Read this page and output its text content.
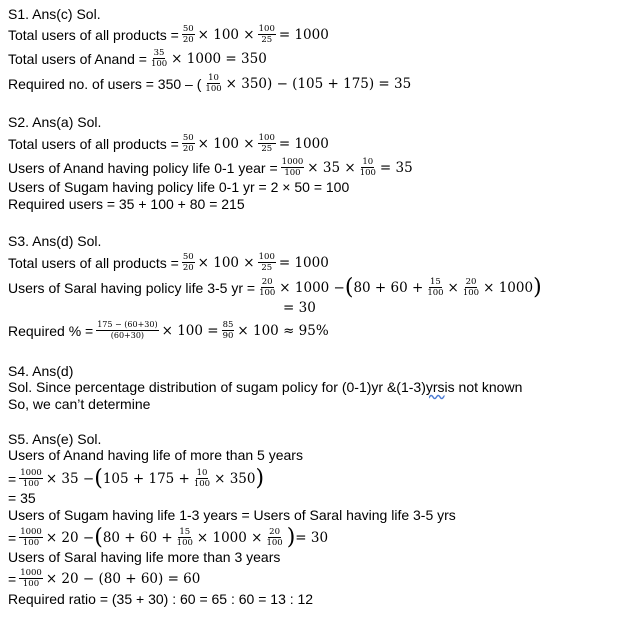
S1. Ans(c) Sol.
Total users of all products = $\frac{50}{20} \times 100 \times \frac{100}{25} = 1000$
Total users of Anand = $\frac{35}{100} \times 1000 = 350$
Required no. of users = 350 – ( $\frac{10}{100} \times 350) - (105 + 175) = 35$
S2. Ans(a) Sol.
Total users of all products = $\frac{50}{20} \times 100 \times \frac{100}{25} = 1000$
Users of Anand having policy life 0-1 year = $\frac{1000}{100} \times 35 \times \frac{10}{100} = 35$
Users of Sugam having policy life 0-1 yr = 2 × 50 = 100
Required users = 35 + 100 + 80 = 215
S3. Ans(d) Sol.
Total users of all products = $\frac{50}{20} \times 100 \times \frac{100}{25} = 1000$
Users of Saral having policy life 3-5 yr = $\frac{20}{100} \times 1000$ − ( $80 + 60 + \frac{15}{100} \times \frac{20}{100} \times 1000$ )
= 30
Required % = $\frac{175 - (60+30)}{(60+30)} \times 100 = \frac{85}{90} \times 100 \approx 95\%$
S4. Ans(d)
Sol. Since percentage distribution of sugam policy for (0-1)yr &(1-3) yrs is not known
So, we can’t determine
S5. Ans(e) Sol.
Users of Anand having life of more than 5 years
= $\frac{1000}{100} \times 35$ − ( $105 + 175 + \frac{10}{100} \times 350$ )
= 35
Users of Sugam having life 1-3 years = Users of Saral having life 3-5 yrs
= $\frac{1000}{100} \times 20$ − ( $80 + 60 + \frac{15}{100} \times 1000 \times \frac{20}{100}$ ) = 30
Users of Saral having life more than 3 years
= $\frac{1000}{100} \times 20 - (80 + 60) = 60$
Required ratio = (35 + 30) : 60 = 65 : 60 = 13 : 12
